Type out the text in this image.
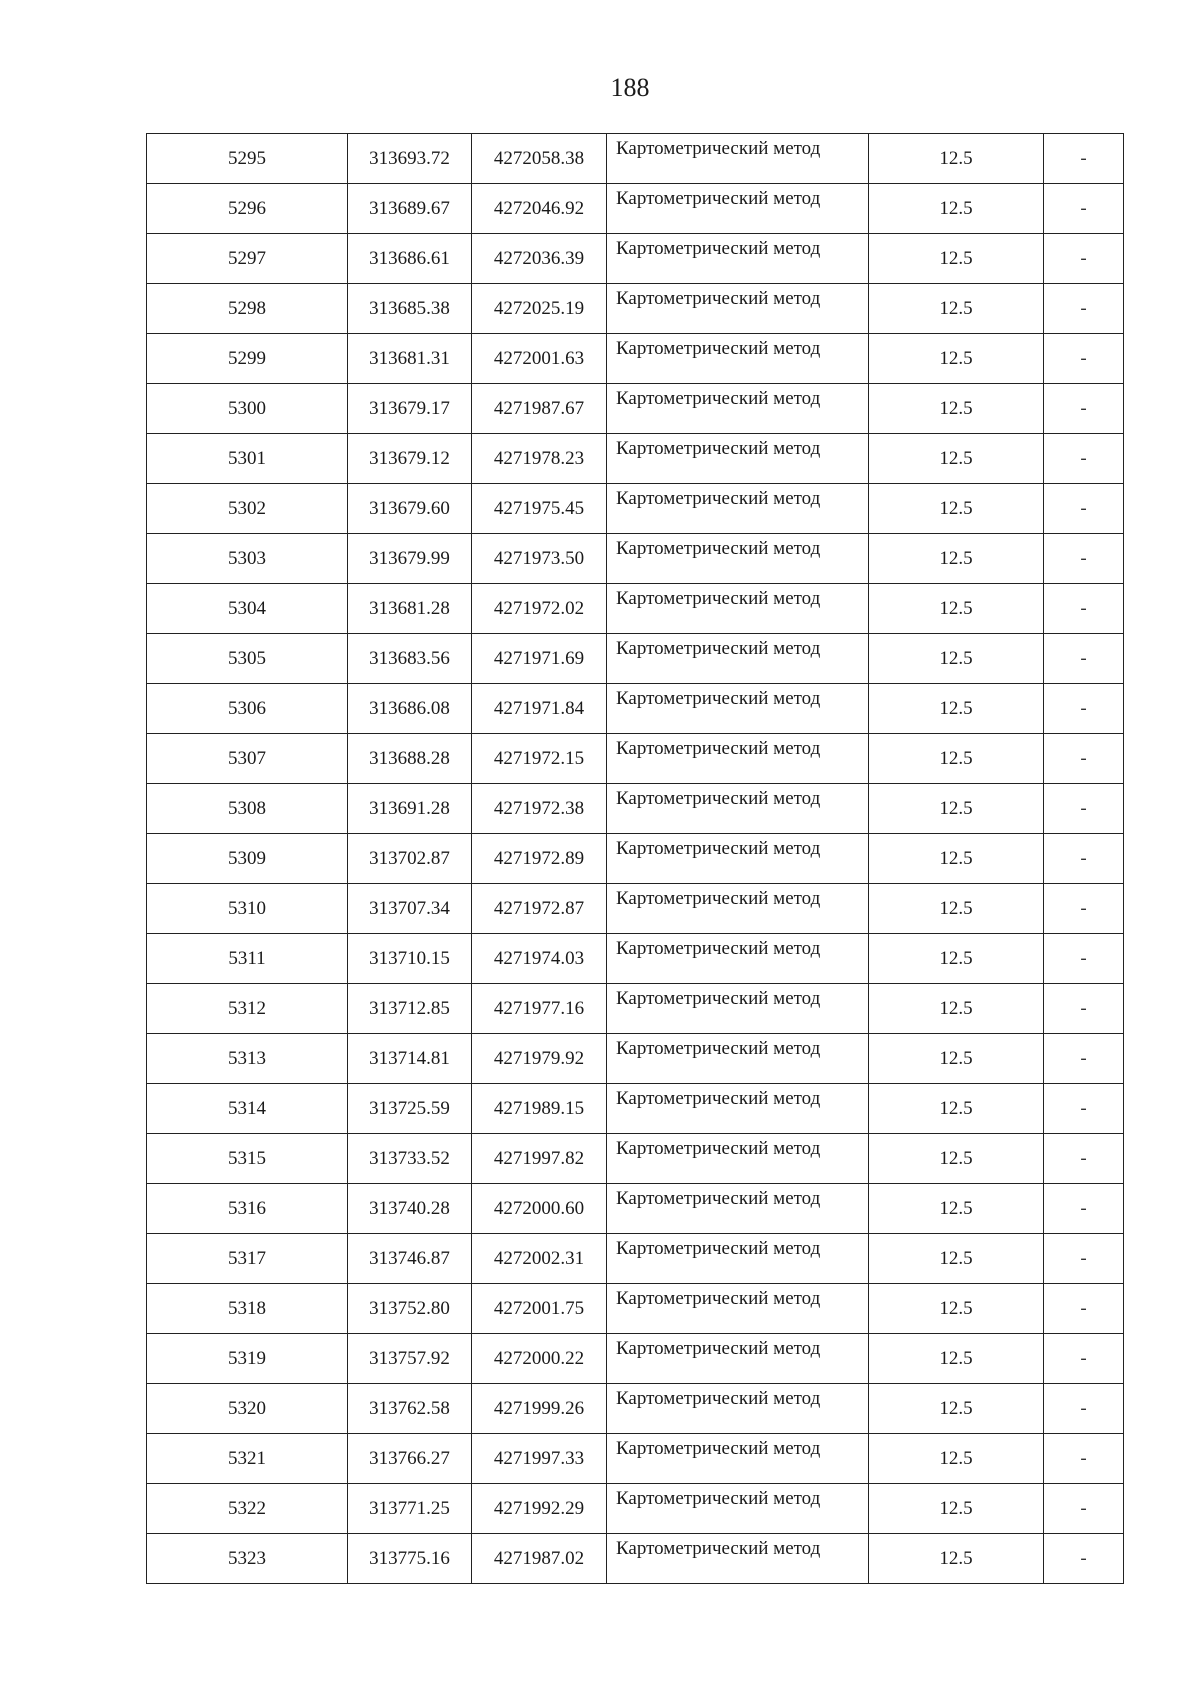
188
5295	313693.72	4272058.38	Картометрический метод	12.5	-
5296	313689.67	4272046.92	Картометрический метод	12.5	-
5297	313686.61	4272036.39	Картометрический метод	12.5	-
5298	313685.38	4272025.19	Картометрический метод	12.5	-
5299	313681.31	4272001.63	Картометрический метод	12.5	-
5300	313679.17	4271987.67	Картометрический метод	12.5	-
5301	313679.12	4271978.23	Картометрический метод	12.5	-
5302	313679.60	4271975.45	Картометрический метод	12.5	-
5303	313679.99	4271973.50	Картометрический метод	12.5	-
5304	313681.28	4271972.02	Картометрический метод	12.5	-
5305	313683.56	4271971.69	Картометрический метод	12.5	-
5306	313686.08	4271971.84	Картометрический метод	12.5	-
5307	313688.28	4271972.15	Картометрический метод	12.5	-
5308	313691.28	4271972.38	Картометрический метод	12.5	-
5309	313702.87	4271972.89	Картометрический метод	12.5	-
5310	313707.34	4271972.87	Картометрический метод	12.5	-
5311	313710.15	4271974.03	Картометрический метод	12.5	-
5312	313712.85	4271977.16	Картометрический метод	12.5	-
5313	313714.81	4271979.92	Картометрический метод	12.5	-
5314	313725.59	4271989.15	Картометрический метод	12.5	-
5315	313733.52	4271997.82	Картометрический метод	12.5	-
5316	313740.28	4272000.60	Картометрический метод	12.5	-
5317	313746.87	4272002.31	Картометрический метод	12.5	-
5318	313752.80	4272001.75	Картометрический метод	12.5	-
5319	313757.92	4272000.22	Картометрический метод	12.5	-
5320	313762.58	4271999.26	Картометрический метод	12.5	-
5321	313766.27	4271997.33	Картометрический метод	12.5	-
5322	313771.25	4271992.29	Картометрический метод	12.5	-
5323	313775.16	4271987.02	Картометрический метод	12.5	-
